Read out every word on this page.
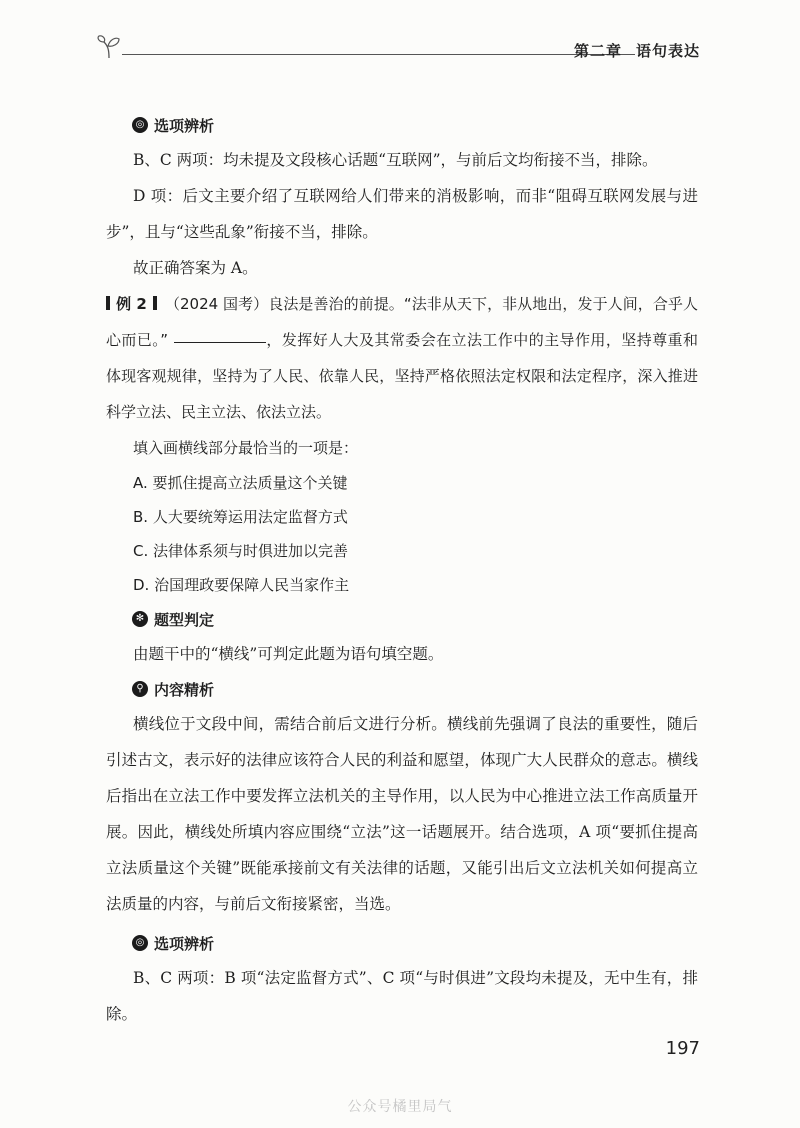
第二章 语句表达
◎ 选项辨析
B、C 两项：均未提及文段核心话题“互联网”，与前后文均衔接不当，排除。
D 项：后文主要介绍了互联网给人们带来的消极影响，而非“阻碍互联网发展与进步”，且与“这些乱象”衔接不当，排除。
故正确答案为 A。
例 2 （2024 国考）良法是善治的前提。“法非从天下，非从地出，发于人间，合乎人心而已。”	，发挥好人大及其常委会在立法工作中的主导作用，坚持尊重和体现客观规律，坚持为了人民、依靠人民，坚持严格依照法定权限和法定程序，深入推进科学立法、民主立法、依法立法。
填入画横线部分最恰当的一项是：
A. 要抓住提高立法质量这个关键
B. 人大要统筹运用法定监督方式
C. 法律体系须与时俱进加以完善
D. 治国理政要保障人民当家作主
✻ 题型判定
由题干中的“横线”可判定此题为语句填空题。
⚲ 内容精析
横线位于文段中间，需结合前后文进行分析。横线前先强调了良法的重要性，随后引述古文，表示好的法律应该符合人民的利益和愿望，体现广大人民群众的意志。横线后指出在立法工作中要发挥立法机关的主导作用，以人民为中心推进立法工作高质量开展。因此，横线处所填内容应围绕“立法”这一话题展开。结合选项，A 项“要抓住提高立法质量这个关键”既能承接前文有关法律的话题，又能引出后文立法机关如何提高立法质量的内容，与前后文衔接紧密，当选。
◎ 选项辨析
B、C 两项：B 项“法定监督方式”、C 项“与时俱进”文段均未提及，无中生有，排除。
197
公众号橘里局气
